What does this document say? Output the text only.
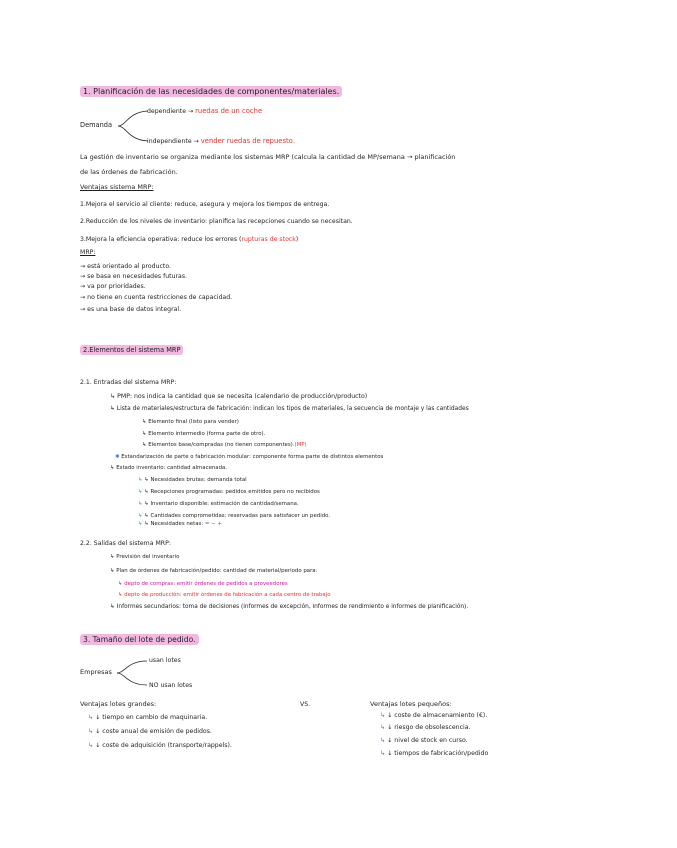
1. Planificación de las necesidades de componentes/materiales.
Demanda
dependiente → ruedas de un coche
independiente → vender ruedas de repuesto.
La gestión de inventario se organiza mediante los sistemas MRP (calcula la cantidad de MP/semana → planificación
de las órdenes de fabricación.
Ventajas sistema MRP:
1.Mejora el servicio al cliente: reduce, asegura y mejora los tiempos de entrega.
2.Reducción de los niveles de inventario: planifica las recepciones cuando se necesitan.
3.Mejora la eficiencia operativa: reduce los errores (rupturas de stock)
MRP:
→ está orientado al producto.
→ se basa en necesidades futuras.
→ va por prioridades.
→ no tiene en cuenta restricciones de capacidad.
→ es una base de datos integral.
2.Elementos del sistema MRP
2.1. Entradas del sistema MRP:
↳ PMP: nos indica la cantidad que se necesita (calendario de producción/producto)
↳ Lista de materiales/estructura de fabricación: indican los tipos de materiales, la secuencia de montaje y las cantidades
↳ Elemento final (listo para vender)
↳ Elemento intermedio (forma parte de otro).
↳ Elementos base/compradas (no tienen componentes).(MP)
✱ Estandarización de parte o fabricación modular: componente forma parte de distintos elementos
↳ Estado inventario: cantidad almacenada.
↳ ↳ Necesidades brutas: demanda total
↳ ↳ Recepciones programadas: pedidos emitidos pero no recibidos
↳ ↳ Inventario disponible: estimación de cantidad/semana.
↳ ↳ Cantidades comprometidas: reservadas para satisfacer un pedido.
↳ ↳ Necesidades netas: = − +
2.2. Salidas del sistema MRP:
↳ Previsión del inventario
↳ Plan de órdenes de fabricación/pedido: cantidad de material/periodo para:
↳ depto de compras: emitir órdenes de pedidos a proveedores
↳ depto de producción: emitir órdenes de fabricación a cada centro de trabajo
↳ Informes secundarios: toma de decisiones (informes de excepción, informes de rendimiento e informes de planificación).
3. Tamaño del lote de pedido.
Empresas
usan lotes
NO usan lotes
Ventajas lotes grandes:	VS.	Ventajas lotes pequeños:
↳ ↓ tiempo en cambio de maquinaria.
↳ ↓ coste anual de emisión de pedidos.
↳ ↓ coste de adquisición (transporte/rappels).
↳ ↓ coste de almacenamiento (€).
↳ ↓ riesgo de obsolescencia.
↳ ↓ nivel de stock en curso.
↳ ↓ tiempos de fabricación/pedido
